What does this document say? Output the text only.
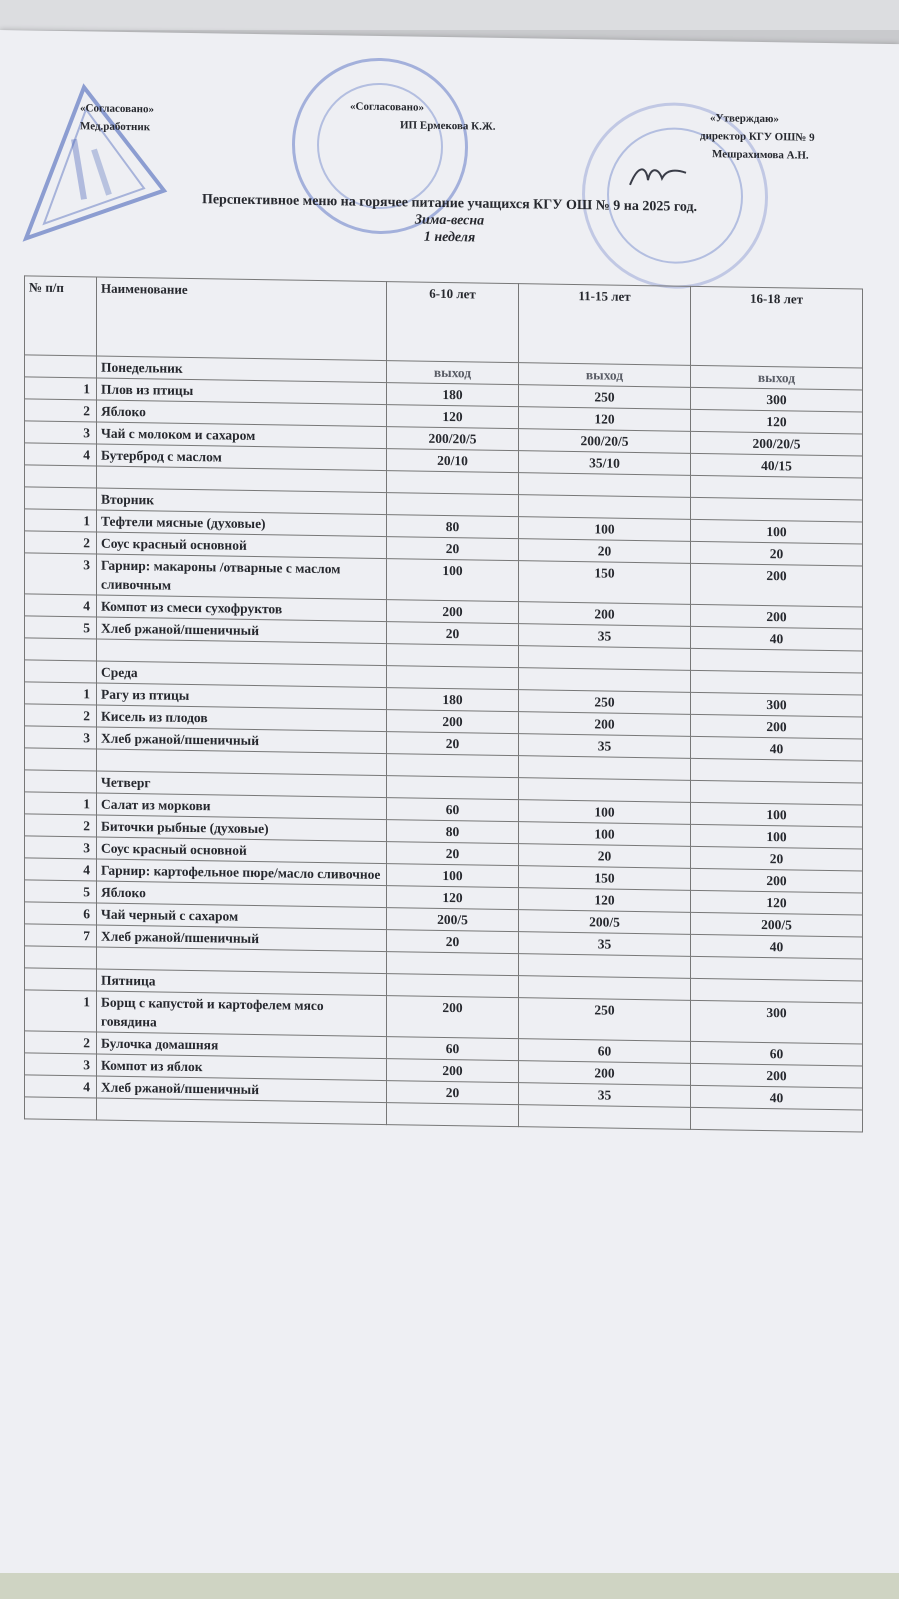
«Согласовано»
Мед.работник
«Согласовано»
ИП Ермекова К.Ж.
«Утверждаю»
директор КГУ ОШ№ 9
Мешрахимова А.Н.
Перспективное меню на горячее питание учащихся КГУ ОШ № 9 на 2025 год.
Зима-весна
1 неделя
№ п/п	Наименование	6-10 лет	11-15 лет	16-18 лет
	Понедельник	выход	выход	выход
1	Плов из птицы	180	250	300
2	Яблоко	120	120	120
3	Чай с молоком и сахаром	200/20/5	200/20/5	200/20/5
4	Бутерброд с маслом	20/10	35/10	40/15

	Вторник			
1	Тефтели мясные (духовые)	80	100	100
2	Соус красный основной	20	20	20
3	Гарнир: макароны /отварные с маслом сливочным	100	150	200
4	Компот из смеси сухофруктов	200	200	200
5	Хлеб ржаной/пшеничный	20	35	40

	Среда			
1	Рагу из птицы	180	250	300
2	Кисель из плодов	200	200	200
3	Хлеб ржаной/пшеничный	20	35	40

	Четверг			
1	Салат из моркови	60	100	100
2	Биточки рыбные (духовые)	80	100	100
3	Соус красный основной	20	20	20
4	Гарнир: картофельное пюре/масло сливочное	100	150	200
5	Яблоко	120	120	120
6	Чай черный с сахаром	200/5	200/5	200/5
7	Хлеб ржаной/пшеничный	20	35	40

	Пятница			
1	Борщ с капустой и картофелем мясо говядина	200	250	300
2	Булочка домашняя	60	60	60
3	Компот из яблок	200	200	200
4	Хлеб ржаной/пшеничный	20	35	40
